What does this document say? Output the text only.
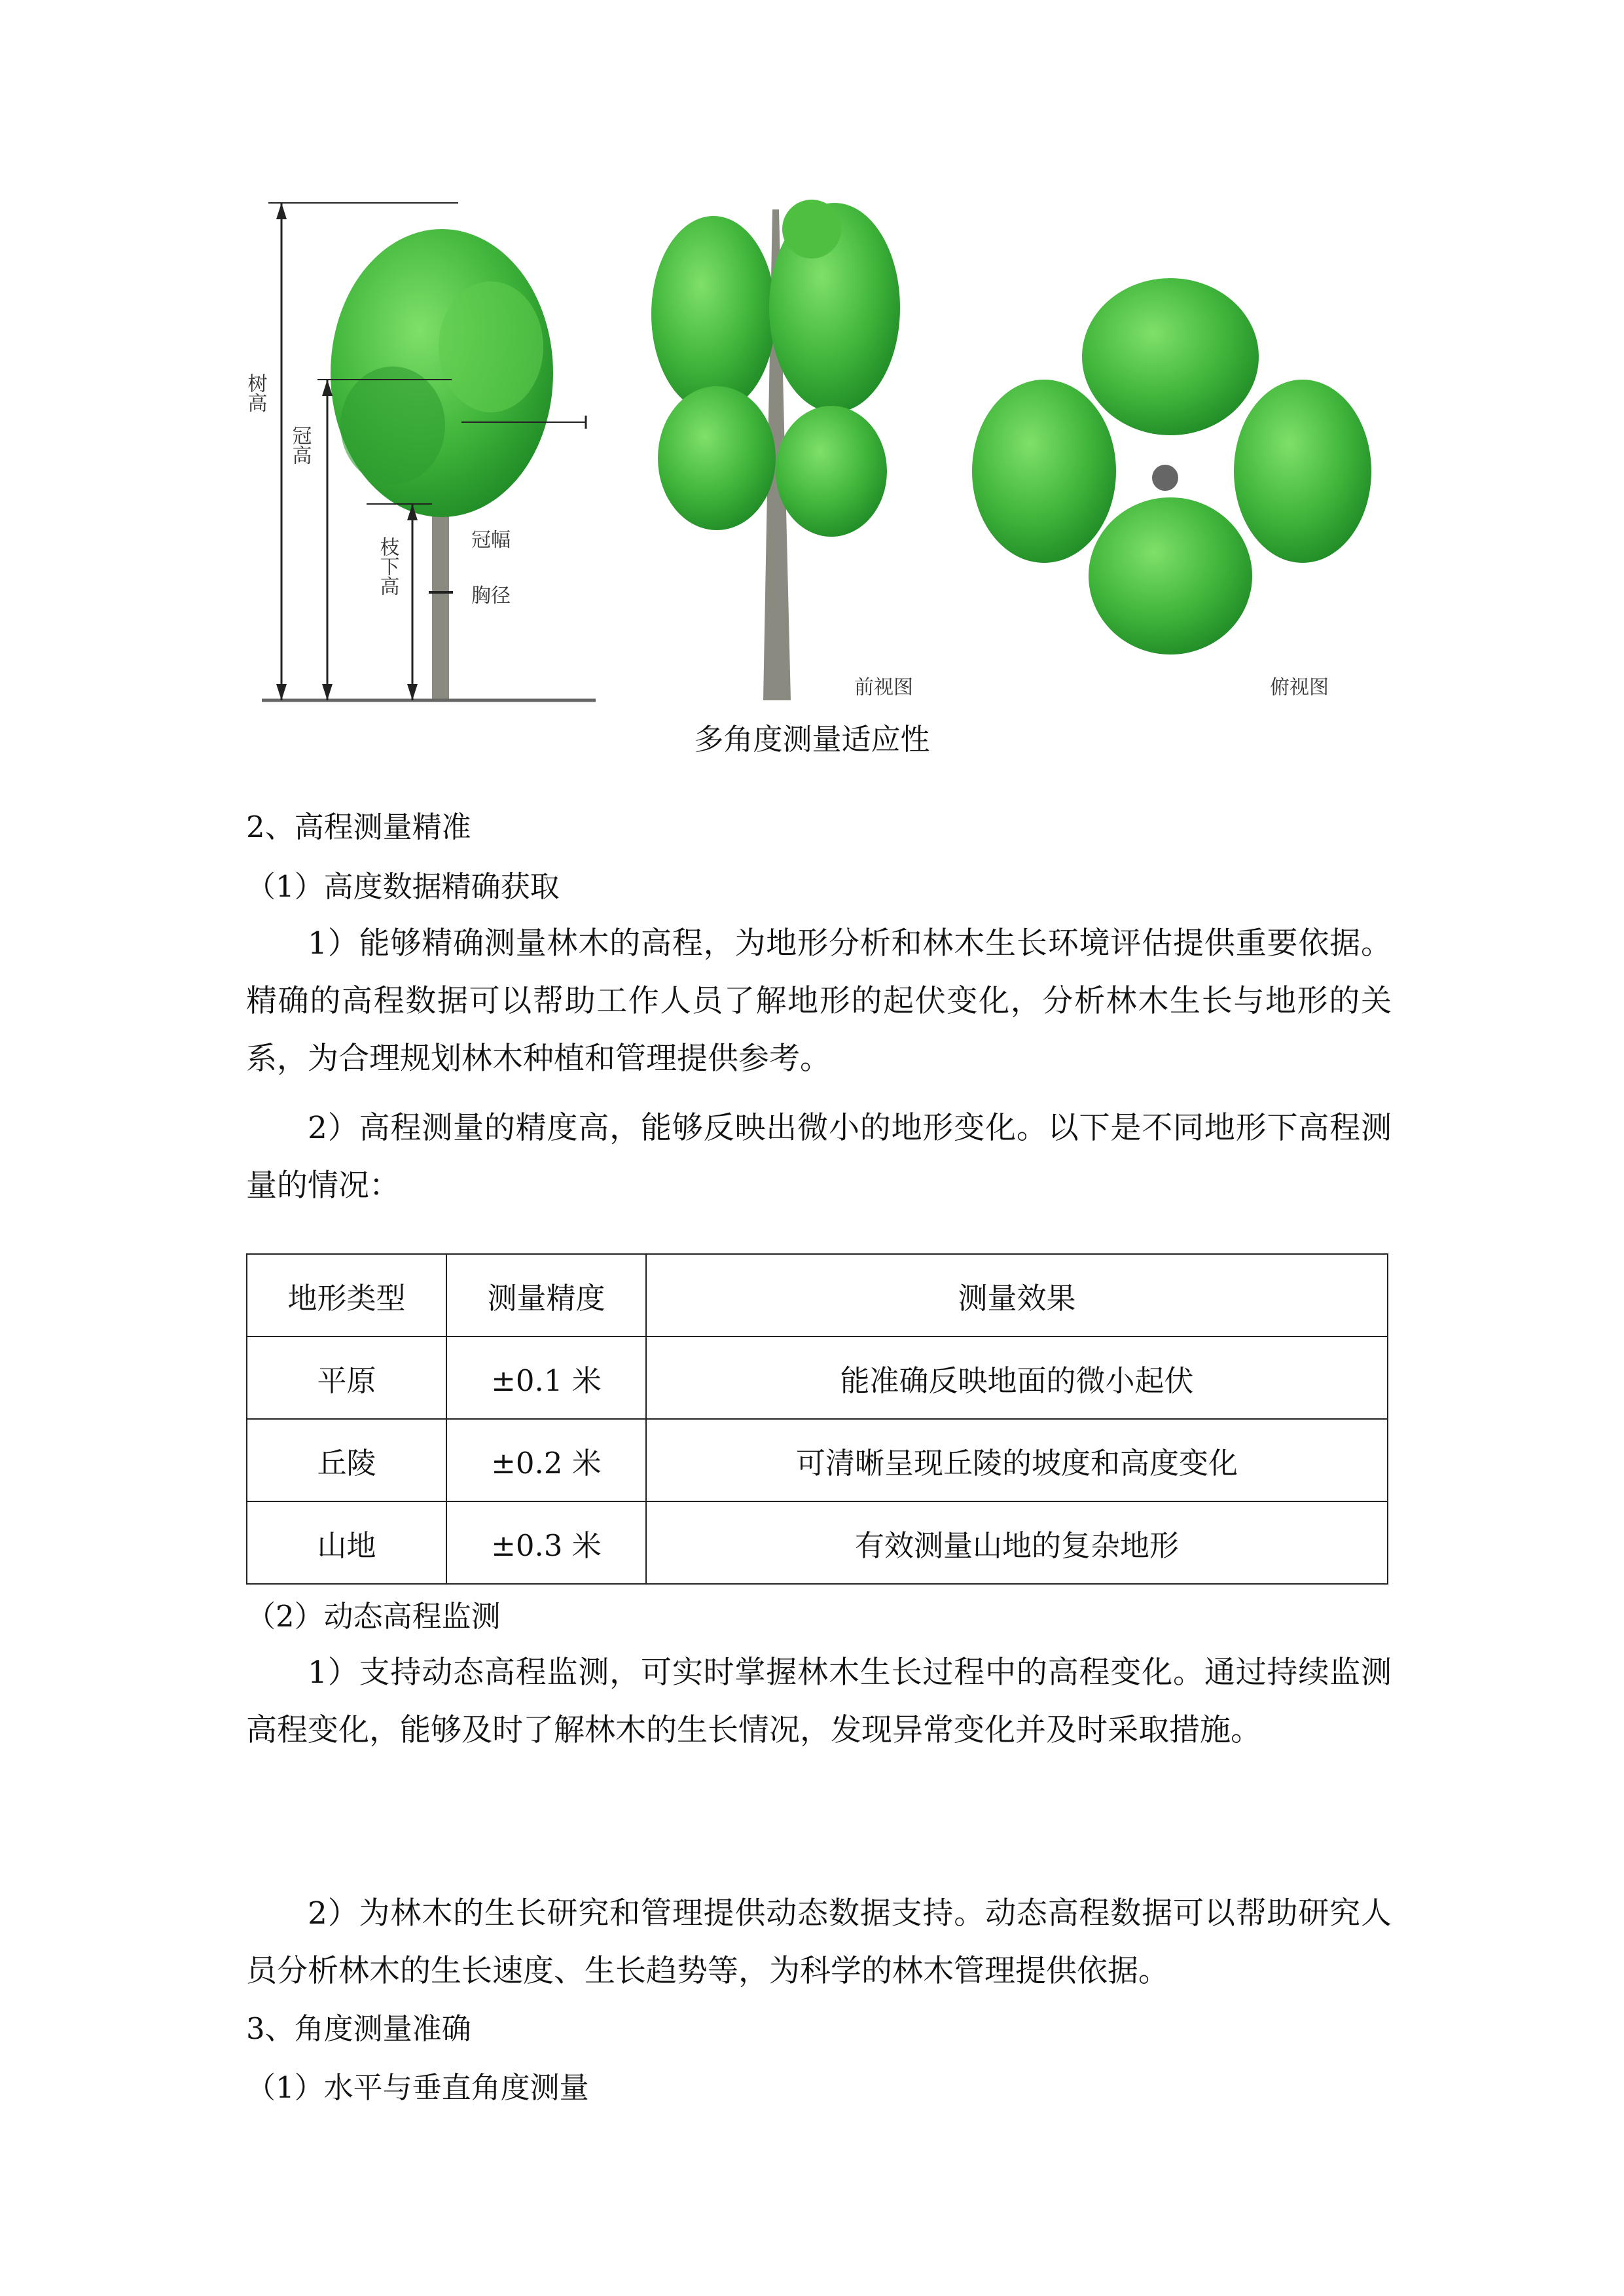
树高
冠高
枝下高	冠幅
胸径
前视图	俯视图
多角度测量适应性
2、高程测量精准
（1）高度数据精确获取
1）能够精确测量林木的高程，为地形分析和林木生长环境评估提供重要依据。精确的高程数据可以帮助工作人员了解地形的起伏变化，分析林木生长与地形的关系，为合理规划林木种植和管理提供参考。
2）高程测量的精度高，能够反映出微小的地形变化。以下是不同地形下高程测量的情况：
地形类型	测量精度	测量效果
平原	±0.1 米	能准确反映地面的微小起伏
丘陵	±0.2 米	可清晰呈现丘陵的坡度和高度变化
山地	±0.3 米	有效测量山地的复杂地形
（2）动态高程监测
1）支持动态高程监测，可实时掌握林木生长过程中的高程变化。通过持续监测高程变化，能够及时了解林木的生长情况，发现异常变化并及时采取措施。
2）为林木的生长研究和管理提供动态数据支持。动态高程数据可以帮助研究人员分析林木的生长速度、生长趋势等，为科学的林木管理提供依据。
3、角度测量准确
（1）水平与垂直角度测量
